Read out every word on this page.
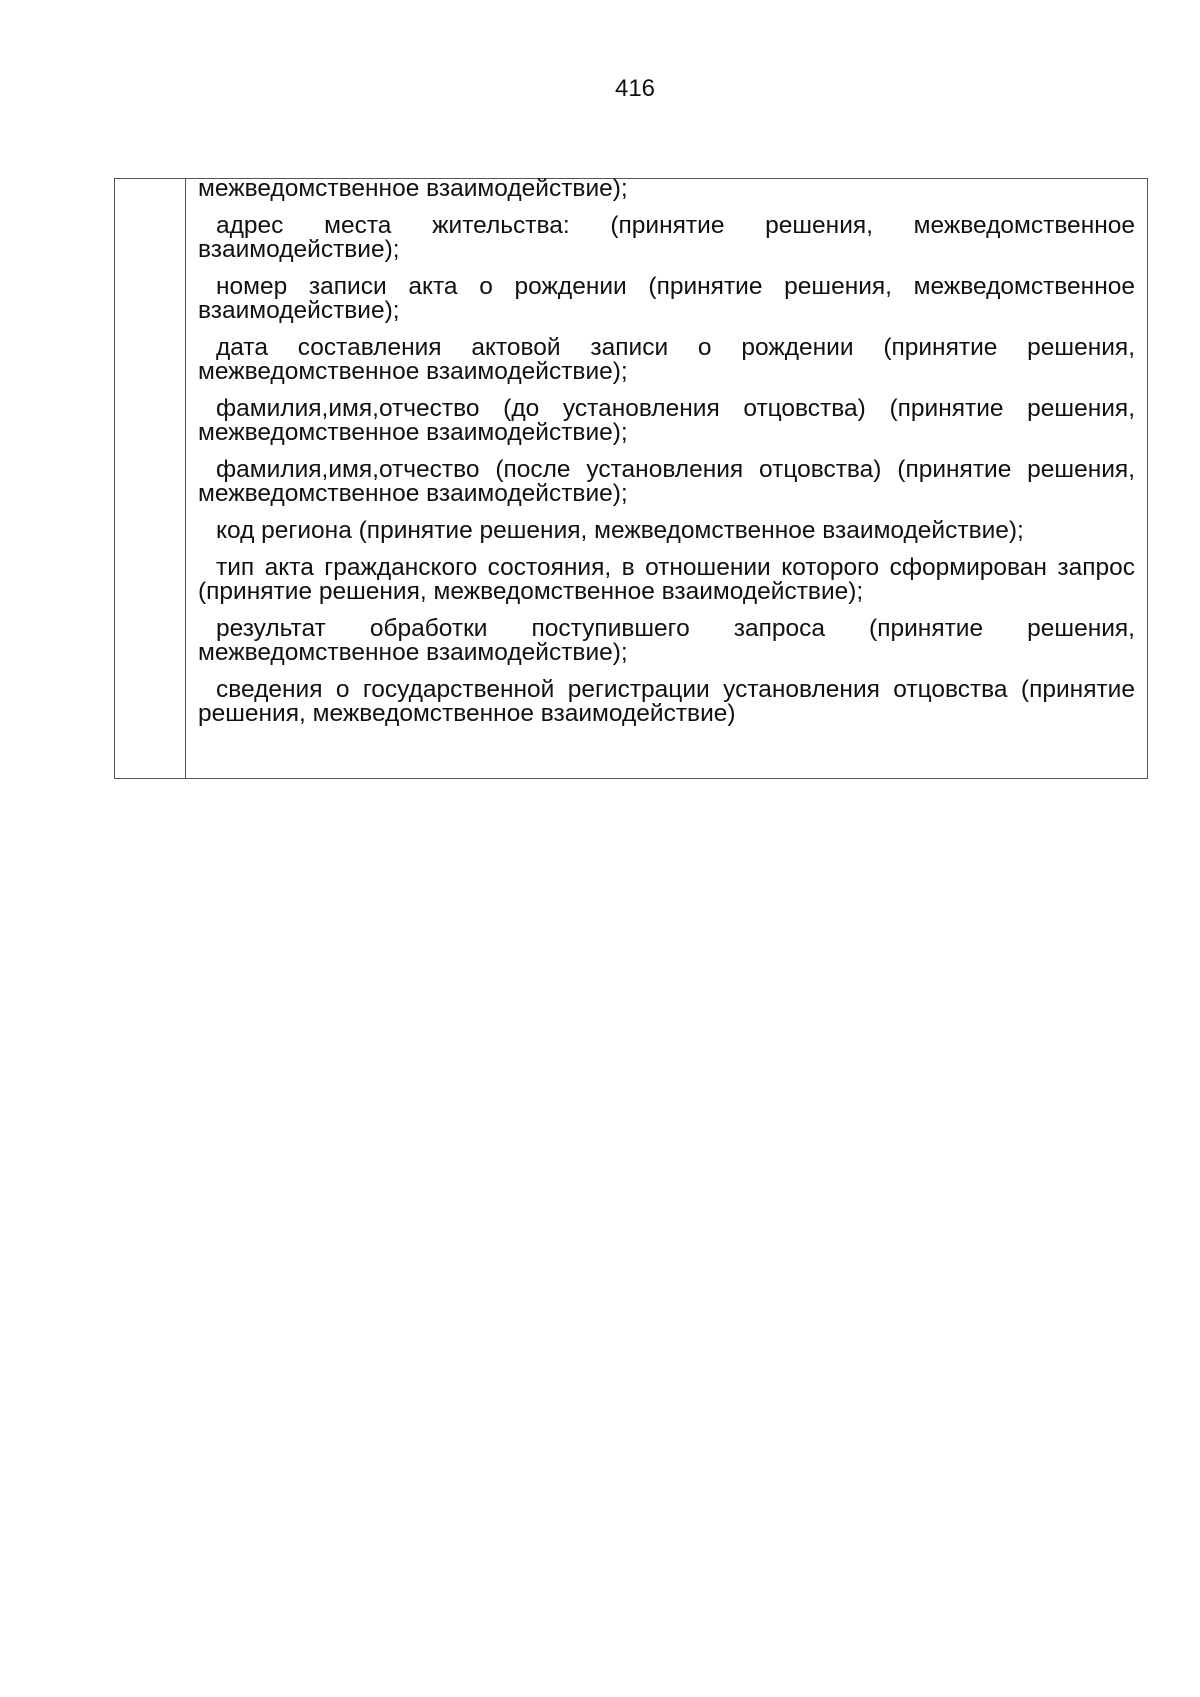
416

межведомственное взаимодействие);

адрес места жительства: (принятие решения, межведомственное взаимодействие);

номер записи акта о рождении (принятие решения, межведомственное взаимодействие);

дата составления актовой записи о рождении (принятие решения, межведомственное взаимодействие);

фамилия,имя,отчество (до установления отцовства) (принятие решения, межведомственное взаимодействие);

фамилия,имя,отчество (после установления отцовства) (принятие решения, межведомственное взаимодействие);

код региона (принятие решения, межведомственное взаимодействие);

тип акта гражданского состояния, в отношении которого сформирован запрос (принятие решения, межведомственное взаимодействие);

результат обработки поступившего запроса (принятие решения, межведомственное взаимодействие);

сведения о государственной регистрации установления отцовства (принятие решения, межведомственное взаимодействие)
